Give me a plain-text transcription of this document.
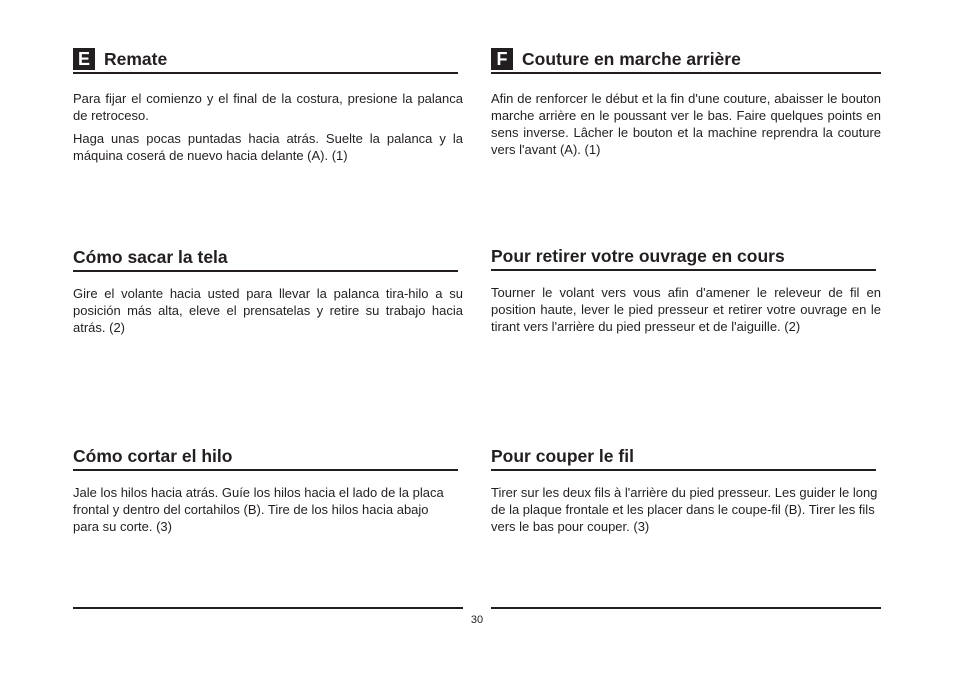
E Remate

Para fijar el comienzo y el final de la costura, presione la palanca de retroceso.

Haga unas pocas puntadas hacia atrás. Suelte la palanca y la máquina coserá de nuevo hacia delante (A). (1)

Cómo sacar la tela

Gire el volante hacia usted para llevar la palanca tira-hilo a su posición más alta, eleve el prensatelas y retire su trabajo hacia atrás. (2)

Cómo cortar el hilo

Jale los hilos hacia atrás. Guíe los hilos hacia el lado de la placa frontal y dentro del cortahilos (B). Tire de los hilos hacia abajo para su corte. (3)

F Couture en marche arrière

Afin de renforcer le début et la fin d'une couture, abaisser le bouton marche arrière en le poussant ver le bas. Faire quelques points en sens inverse. Lâcher le bouton et la machine reprendra la couture vers l'avant (A). (1)

Pour retirer votre ouvrage en cours

Tourner le volant vers vous afin d'amener le releveur de fil en position haute, lever le pied presseur et retirer votre ouvrage en le tirant vers l'arrière du pied presseur et de l'aiguille. (2)

Pour couper le fil

Tirer sur les deux fils à l'arrière du pied presseur. Les guider le long de la plaque frontale et les placer dans le coupe-fil (B). Tirer les fils vers le bas pour couper. (3)

30
